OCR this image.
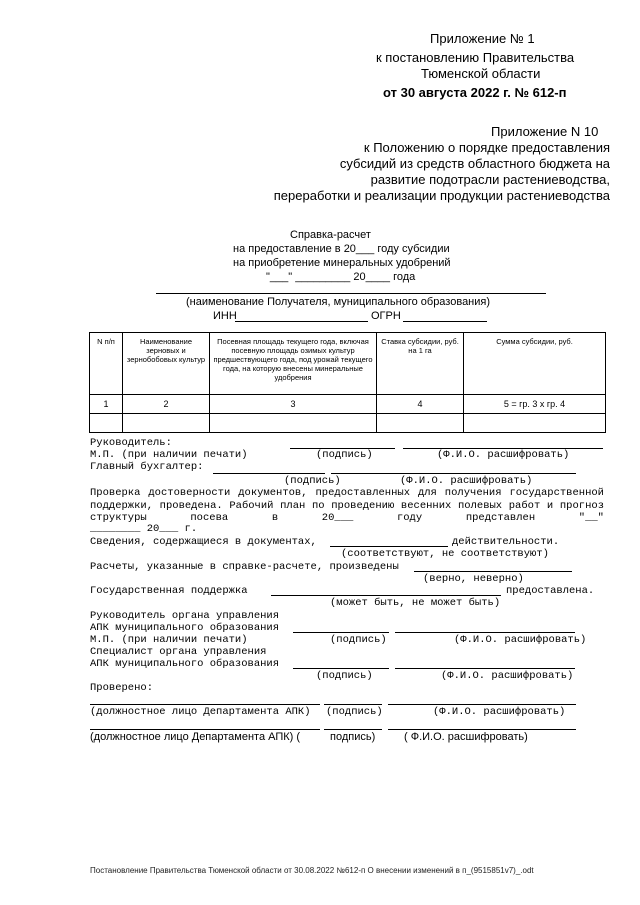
Приложение № 1
к постановлению Правительства
Тюменской области
от 30 августа 2022 г. № 612-п
Приложение N 10
к Положению о порядке предоставления
субсидий из средств областного бюджета на
развитие подотрасли растениеводства,
переработки и реализации продукции растениеводства
Справка-расчет
на предоставление в 20___ году субсидии
на приобретение минеральных удобрений
"___" _________ 20____ года
(наименование Получателя, муниципального образования)
ИНН	ОГРН
N п/п	Наименование зерновых и зернобобовых культур	Посевная площадь текущего года, включая посевную площадь озимых культур предшествующего года, под урожай текущего года, на которую внесены минеральные удобрения	Ставка субсидии, руб. на 1 га	Сумма субсидии, руб.
1	2	3	4	5 = гр. 3 x гр. 4

Руководитель:
М.П. (при наличии печати)	(подпись)	(Ф.И.О. расшифровать)
Главный бухгалтер:
(подпись)	(Ф.И.О. расшифровать)
Проверка достоверности документов, предоставленных для получения государственной поддержки, проведена. Рабочий план по проведению весенних полевых работ и прогноз структуры посева в 20___ году представлен "__"
________ 20___ г.
Сведения, содержащиеся в документах,	действительности.
(соответствуют, не соответствуют)
Расчеты, указанные в справке-расчете, произведены
(верно, неверно)
Государственная поддержка	предоставлена.
(может быть, не может быть)
Руководитель органа управления
АПК муниципального образования
М.П. (при наличии печати)	(подпись)	(Ф.И.О. расшифровать)
Специалист органа управления
АПК муниципального образования
(подпись)	(Ф.И.О. расшифровать)
Проверено:
(должностное лицо Департамента АПК) (подпись)	(Ф.И.О. расшифровать)
(должностное лицо Департамента АПК) (	подпись)	( Ф.И.О. расшифровать)
Постановление Правительства Тюменской области от 30.08.2022 №612-п О внесении изменений в п_(9515851v7)_.odt
